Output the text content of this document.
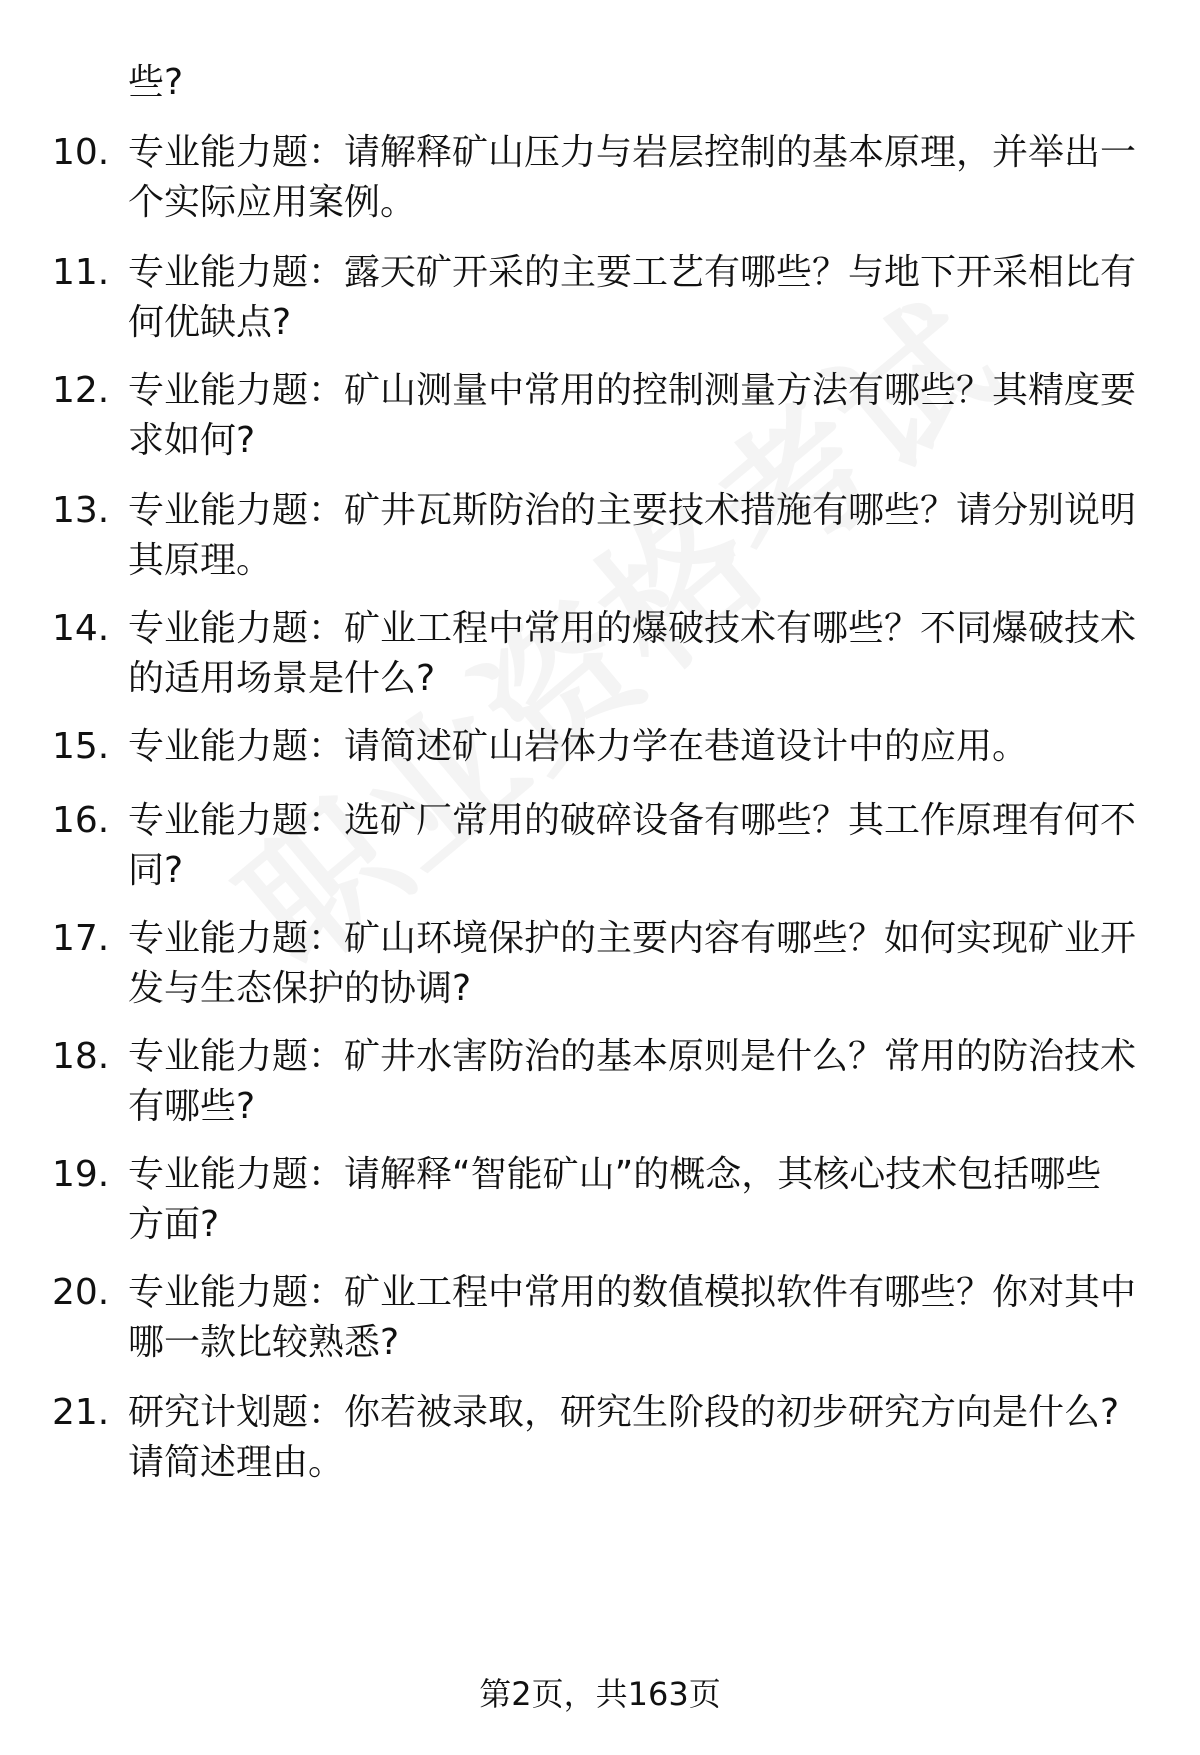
些?
10. 专业能力题：请解释矿山压力与岩层控制的基本原理，并举出一
个实际应用案例。
11. 专业能力题：露天矿开采的主要工艺有哪些？与地下开采相比有
何优缺点?
12. 专业能力题：矿山测量中常用的控制测量方法有哪些？其精度要
求如何?
13. 专业能力题：矿井瓦斯防治的主要技术措施有哪些？请分别说明
其原理。
14. 专业能力题：矿业工程中常用的爆破技术有哪些？不同爆破技术
的适用场景是什么?
15. 专业能力题：请简述矿山岩体力学在巷道设计中的应用。
16. 专业能力题：选矿厂常用的破碎设备有哪些？其工作原理有何不
同?
17. 专业能力题：矿山环境保护的主要内容有哪些？如何实现矿业开
发与生态保护的协调?
18. 专业能力题：矿井水害防治的基本原则是什么？常用的防治技术
有哪些?
19. 专业能力题：请解释“智能矿山”的概念，其核心技术包括哪些
方面?
20. 专业能力题：矿业工程中常用的数值模拟软件有哪些？你对其中
哪一款比较熟悉?
21. 研究计划题：你若被录取，研究生阶段的初步研究方向是什么?
请简述理由。
第2页，共163页
